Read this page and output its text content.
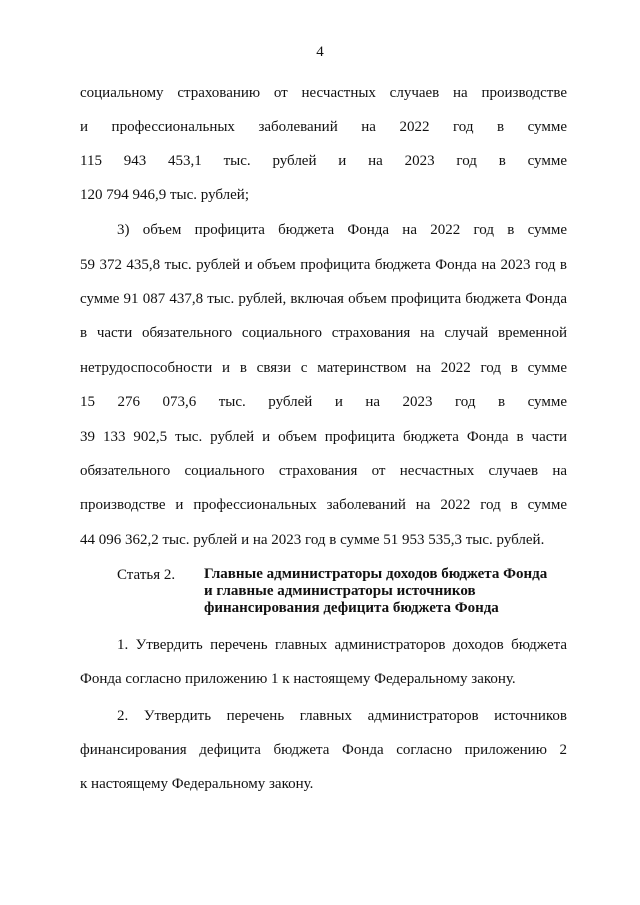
4
социальному страхованию от несчастных случаев на производстве
и профессиональных заболеваний на 2022 год в сумме
115 943 453,1 тыс. рублей и на 2023 год в сумме
120 794 946,9 тыс. рублей;
3) объем профицита бюджета Фонда на 2022 год в сумме
59 372 435,8 тыс. рублей и объем профицита бюджета Фонда на 2023 год в
сумме 91 087 437,8 тыс. рублей, включая объем профицита бюджета Фонда
в части обязательного социального страхования на случай временной
нетрудоспособности и в связи с материнством на 2022 год в сумме
15 276 073,6 тыс. рублей и на 2023 год в сумме
39 133 902,5 тыс. рублей и объем профицита бюджета Фонда в части
обязательного социального страхования от несчастных случаев на
производстве и профессиональных заболеваний на 2022 год в сумме
44 096 362,2 тыс. рублей и на 2023 год в сумме 51 953 535,3 тыс. рублей.
Статья 2. Главные администраторы доходов бюджета Фонда
и главные администраторы источников
финансирования дефицита бюджета Фонда
1. Утвердить перечень главных администраторов доходов бюджета
Фонда согласно приложению 1 к настоящему Федеральному закону.
2. Утвердить перечень главных администраторов источников
финансирования дефицита бюджета Фонда согласно приложению 2
к настоящему Федеральному закону.
